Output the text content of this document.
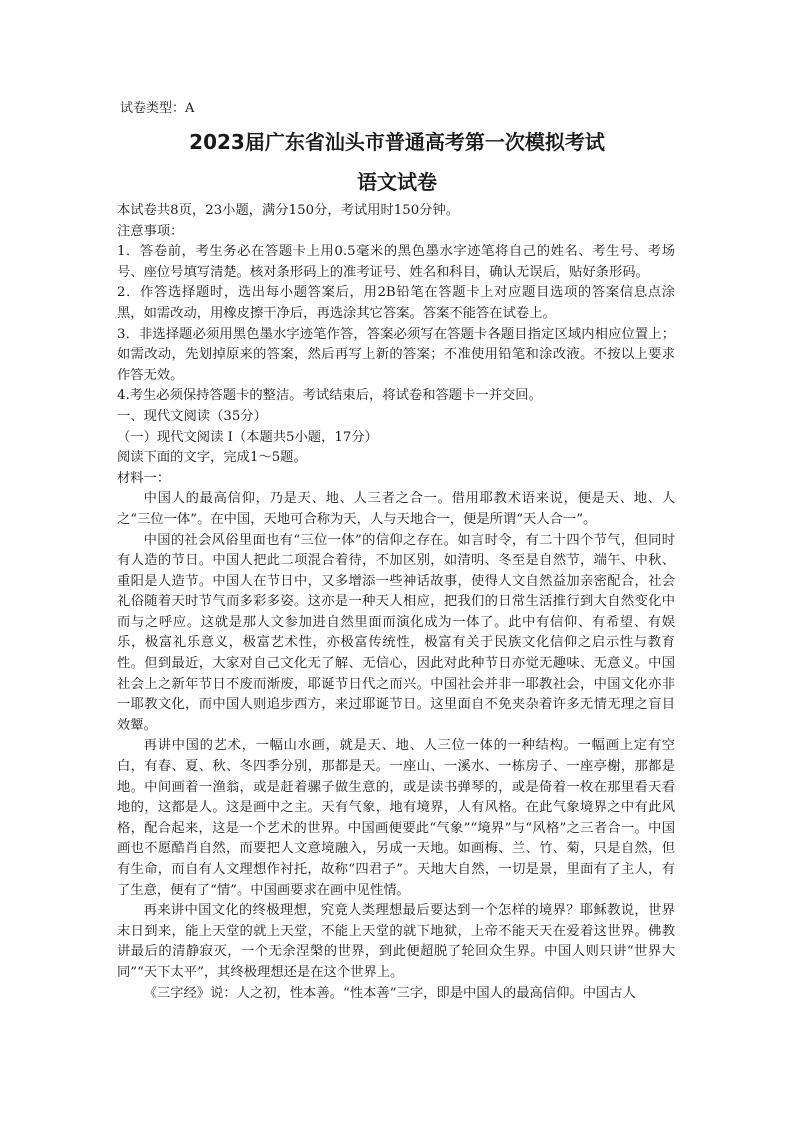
试卷类型：A
2023届广东省汕头市普通高考第一次模拟考试
语文试卷

本试卷共8页，23小题，满分150分，考试用时150分钟。

注意事项：

1．答卷前，考生务必在答题卡上用0.5毫米的黑色墨水字迹笔将自己的姓名、考生号、考场号、座位号填写清楚。核对条形码上的准考证号、姓名和科目，确认无误后，贴好条形码。

2．作答选择题时，选出每小题答案后，用2B铅笔在答题卡上对应题目选项的答案信息点涂黑，如需改动，用橡皮擦干净后，再选涂其它答案。答案不能答在试卷上。

3．非选择题必须用黑色墨水字迹笔作答，答案必须写在答题卡各题目指定区域内相应位置上；如需改动，先划掉原来的答案，然后再写上新的答案；不准使用铅笔和涂改液。不按以上要求作答无效。

4.考生必须保持答题卡的整洁。考试结束后，将试卷和答题卡一并交回。

一、现代文阅读（35分）

（一）现代文阅读 I（本题共5小题，17分）

阅读下面的文字，完成1～5题。

材料一：

中国人的最高信仰，乃是天、地、人三者之合一。借用耶教术语来说，便是天、地、人之“三位一体”。在中国，天地可合称为天，人与天地合一，便是所谓“天人合一”。

中国的社会风俗里面也有“三位一体”的信仰之存在。如言时令，有二十四个节气，但同时有人造的节日。中国人把此二项混合着待，不加区别，如清明、冬至是自然节，端午、中秋、重阳是人造节。中国人在节日中，又多增添一些神话故事，使得人文自然益加亲密配合，社会礼俗随着天时节气而多彩多姿。这亦是一种天人相应，把我们的日常生活推行到大自然变化中而与之呼应。这就是那人文参加进自然里面而演化成为一体了。此中有信仰、有希望、有娱乐，极富礼乐意义，极富艺术性，亦极富传统性，极富有关于民族文化信仰之启示性与教育性。但到最近，大家对自己文化无了解、无信心，因此对此种节日亦觉无趣味、无意义。中国社会上之新年节日不废而渐废，耶诞节日代之而兴。中国社会并非一耶教社会，中国文化亦非一耶教文化，而中国人则追步西方，来过耶诞节日。这里面自不免夹杂着许多无情无理之盲目效颦。

再讲中国的艺术，一幅山水画，就是天、地、人三位一体的一种结构。一幅画上定有空白，有春、夏、秋、冬四季分别，那都是天。一座山、一溪水、一栋房子、一座亭榭，那都是地。中间画着一渔翁，或是赶着骡子做生意的，或是读书弹琴的，或是倚着一枚在那里看天看地的，这都是人。这是画中之主。天有气象，地有境界，人有风格。在此气象境界之中有此风格，配合起来，这是一个艺术的世界。中国画便要此“气象”“境界”与“风格”之三者合一。中国画也不愿酷肖自然，而要把人文意境融入，另成一天地。如画梅、兰、竹、菊，只是自然，但有生命，而自有人文理想作衬托，故称“四君子”。天地大自然，一切是景，里面有了主人，有了生意，便有了“情”。中国画要求在画中见性情。

再来讲中国文化的终极理想，究竟人类理想最后要达到一个怎样的境界？耶稣教说，世界末日到来，能上天堂的就上天堂，不能上天堂的就下地狱，上帝不能天天在爱着这世界。佛教讲最后的清静寂灭，一个无余涅槃的世界，到此便超脱了轮回众生界。中国人则只讲“世界大同”“天下太平”，其终极理想还是在这个世界上。

《三字经》说：人之初，性本善。“性本善”三字，即是中国人的最高信仰。中国古人
